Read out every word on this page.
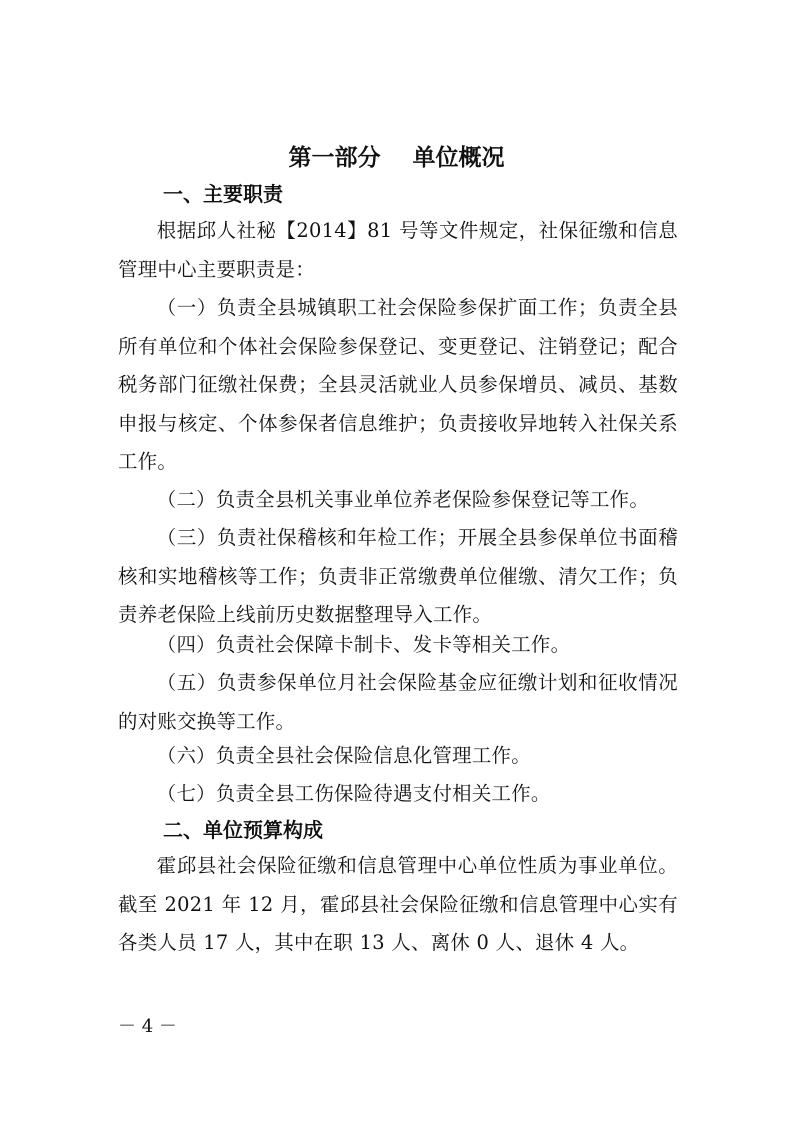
第一部分    单位概况
一、主要职责
根据邱人社秘【2014】81 号等文件规定，社保征缴和信息管理中心主要职责是：
（一）负责全县城镇职工社会保险参保扩面工作；负责全县所有单位和个体社会保险参保登记、变更登记、注销登记；配合税务部门征缴社保费；全县灵活就业人员参保增员、减员、基数申报与核定、个体参保者信息维护；负责接收异地转入社保关系工作。
（二）负责全县机关事业单位养老保险参保登记等工作。
（三）负责社保稽核和年检工作；开展全县参保单位书面稽核和实地稽核等工作；负责非正常缴费单位催缴、清欠工作；负责养老保险上线前历史数据整理导入工作。
（四）负责社会保障卡制卡、发卡等相关工作。
（五）负责参保单位月社会保险基金应征缴计划和征收情况的对账交换等工作。
（六）负责全县社会保险信息化管理工作。
（七）负责全县工伤保险待遇支付相关工作。
二、单位预算构成
霍邱县社会保险征缴和信息管理中心单位性质为事业单位。截至 2021 年 12 月，霍邱县社会保险征缴和信息管理中心实有各类人员 17 人，其中在职 13 人、离休 0 人、退休 4 人。
－ 4 －
